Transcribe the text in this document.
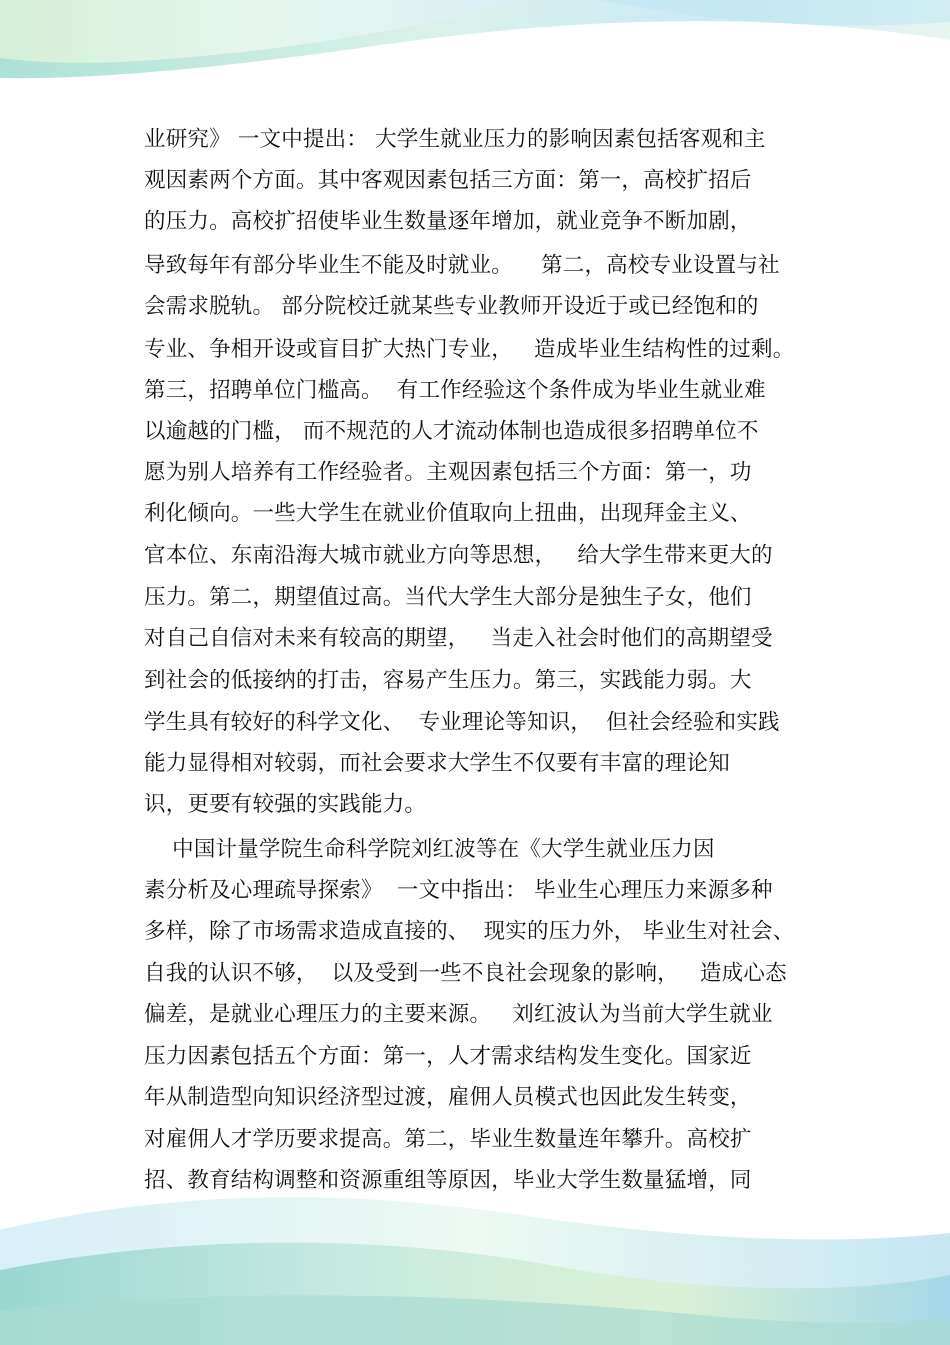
业研究》 一文中提出： 大学生就业压力的影响因素包括客观和主
观因素两个方面。其中客观因素包括三方面：第一，高校扩招后
的压力。高校扩招使毕业生数量逐年增加，就业竞争不断加剧，
导致每年有部分毕业生不能及时就业。    第二，高校专业设置与社
会需求脱轨。 部分院校迁就某些专业教师开设近于或已经饱和的
专业、争相开设或盲目扩大热门专业，   造成毕业生结构性的过剩。
第三，招聘单位门槛高。  有工作经验这个条件成为毕业生就业难
以逾越的门槛， 而不规范的人才流动体制也造成很多招聘单位不
愿为别人培养有工作经验者。主观因素包括三个方面：第一，功
利化倾向。一些大学生在就业价值取向上扭曲，出现拜金主义、
官本位、东南沿海大城市就业方向等思想，   给大学生带来更大的
压力。第二，期望值过高。当代大学生大部分是独生子女，他们
对自己自信对未来有较高的期望，   当走入社会时他们的高期望受
到社会的低接纳的打击，容易产生压力。第三，实践能力弱。大
学生具有较好的科学文化、  专业理论等知识，  但社会经验和实践
能力显得相对较弱，而社会要求大学生不仅要有丰富的理论知
识，更要有较强的实践能力。
中国计量学院生命科学院刘红波等在《大学生就业压力因
素分析及心理疏导探索》  一文中指出： 毕业生心理压力来源多种
多样，除了市场需求造成直接的、  现实的压力外， 毕业生对社会、
自我的认识不够，  以及受到一些不良社会现象的影响，   造成心态
偏差，是就业心理压力的主要来源。   刘红波认为当前大学生就业
压力因素包括五个方面：第一，人才需求结构发生变化。国家近
年从制造型向知识经济型过渡，雇佣人员模式也因此发生转变，
对雇佣人才学历要求提高。第二，毕业生数量连年攀升。高校扩
招、教育结构调整和资源重组等原因，毕业大学生数量猛增，同
